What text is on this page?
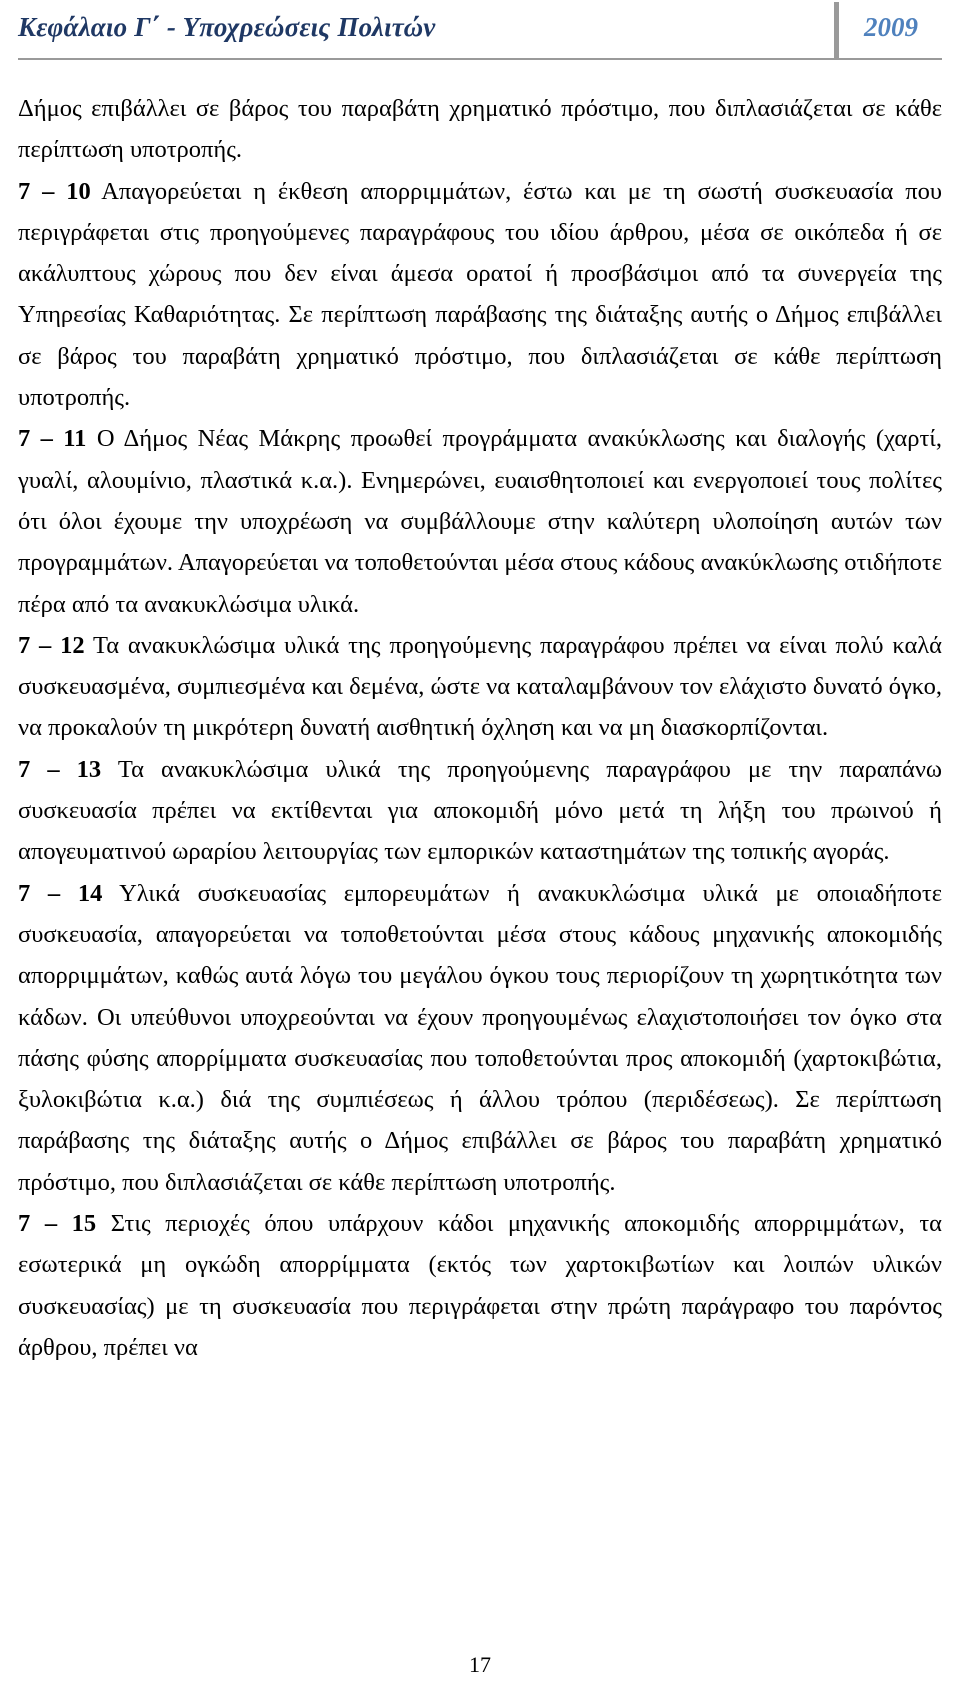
Κεφάλαιο Γ΄ - Υποχρεώσεις Πολιτών	2009

Δήμος επιβάλλει σε βάρος του παραβάτη χρηματικό πρόστιμο, που διπλασιάζεται σε κάθε περίπτωση υποτροπής.

7 – 10 Απαγορεύεται η έκθεση απορριμμάτων, έστω και με τη σωστή συσκευασία που περιγράφεται στις προηγούμενες παραγράφους του ιδίου άρθρου, μέσα σε οικόπεδα ή σε ακάλυπτους χώρους που δεν είναι άμεσα ορατοί ή προσβάσιμοι από τα συνεργεία της Υπηρεσίας Καθαριότητας. Σε περίπτωση παράβασης της διάταξης αυτής ο Δήμος επιβάλλει σε βάρος του παραβάτη χρηματικό πρόστιμο, που διπλασιάζεται σε κάθε περίπτωση υποτροπής.

7 – 11 Ο Δήμος Νέας Μάκρης προωθεί προγράμματα ανακύκλωσης και διαλογής (χαρτί, γυαλί, αλουμίνιο, πλαστικά κ.α.). Ενημερώνει, ευαισθητοποιεί και ενεργοποιεί τους πολίτες ότι όλοι έχουμε την υποχρέωση να συμβάλλουμε στην καλύτερη υλοποίηση αυτών των προγραμμάτων. Απαγορεύεται να τοποθετούνται μέσα στους κάδους ανακύκλωσης οτιδήποτε πέρα από τα ανακυκλώσιμα υλικά.

7 – 12 Τα ανακυκλώσιμα υλικά της προηγούμενης παραγράφου πρέπει να είναι πολύ καλά συσκευασμένα, συμπιεσμένα και δεμένα, ώστε να καταλαμβάνουν τον ελάχιστο δυνατό όγκο, να προκαλούν τη μικρότερη δυνατή αισθητική όχληση και να μη διασκορπίζονται.

7 – 13 Τα ανακυκλώσιμα υλικά της προηγούμενης παραγράφου με την παραπάνω συσκευασία πρέπει να εκτίθενται για αποκομιδή μόνο μετά τη λήξη του πρωινού ή απογευματινού ωραρίου λειτουργίας των εμπορικών καταστημάτων της τοπικής αγοράς.

7 – 14 Υλικά συσκευασίας εμπορευμάτων ή ανακυκλώσιμα υλικά με οποιαδήποτε συσκευασία, απαγορεύεται να τοποθετούνται μέσα στους κάδους μηχανικής αποκομιδής απορριμμάτων, καθώς αυτά λόγω του μεγάλου όγκου τους περιορίζουν τη χωρητικότητα των κάδων. Οι υπεύθυνοι υποχρεούνται να έχουν προηγουμένως ελαχιστοποιήσει τον όγκο στα πάσης φύσης απορρίμματα συσκευασίας που τοποθετούνται προς αποκομιδή (χαρτοκιβώτια, ξυλοκιβώτια κ.α.) διά της συμπιέσεως ή άλλου τρόπου (περιδέσεως). Σε περίπτωση παράβασης της διάταξης αυτής ο Δήμος επιβάλλει σε βάρος του παραβάτη χρηματικό πρόστιμο, που διπλασιάζεται σε κάθε περίπτωση υποτροπής.

7 – 15 Στις περιοχές όπου υπάρχουν κάδοι μηχανικής αποκομιδής απορριμμάτων, τα εσωτερικά μη ογκώδη απορρίμματα (εκτός των χαρτοκιβωτίων και λοιπών υλικών συσκευασίας) με τη συσκευασία που περιγράφεται στην πρώτη παράγραφο του παρόντος άρθρου, πρέπει να

17
